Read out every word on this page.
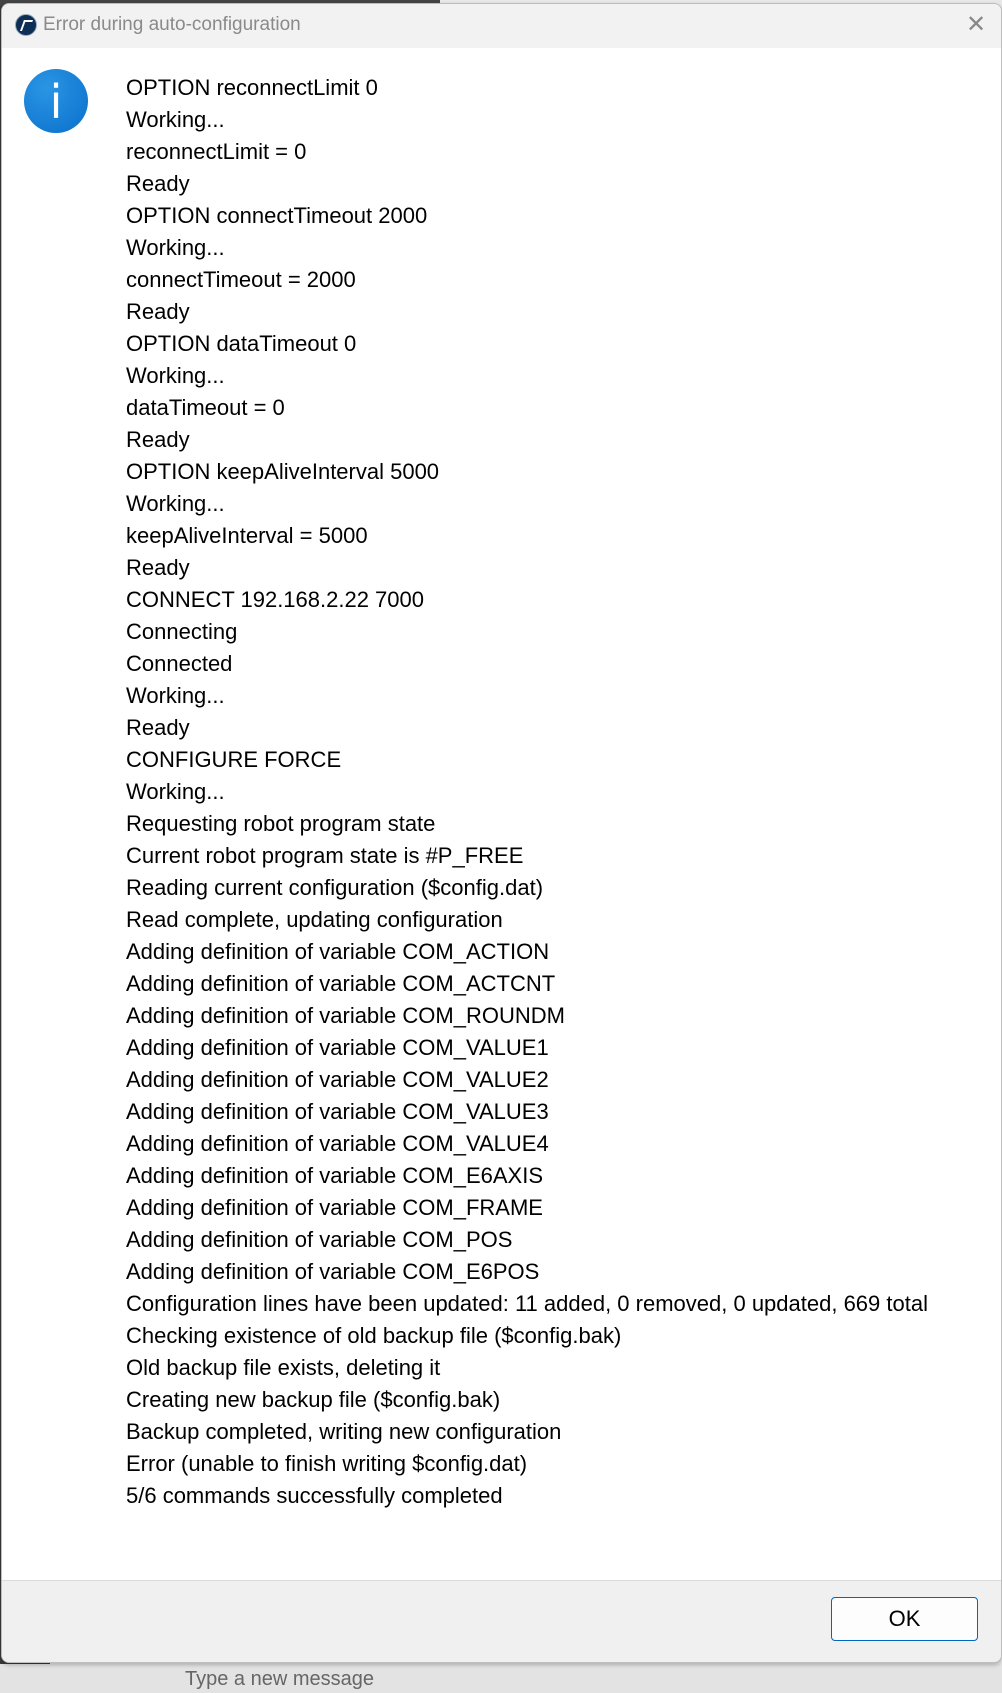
Error during auto-configuration	✕
i	OPTION reconnectLimit 0
Working...
reconnectLimit = 0
Ready
OPTION connectTimeout 2000
Working...
connectTimeout = 2000
Ready
OPTION dataTimeout 0
Working...
dataTimeout = 0
Ready
OPTION keepAliveInterval 5000
Working...
keepAliveInterval = 5000
Ready
CONNECT 192.168.2.22 7000
Connecting
Connected
Working...
Ready
CONFIGURE FORCE
Working...
Requesting robot program state
Current robot program state is #P_FREE
Reading current configuration ($config.dat)
Read complete, updating configuration
Adding definition of variable COM_ACTION
Adding definition of variable COM_ACTCNT
Adding definition of variable COM_ROUNDM
Adding definition of variable COM_VALUE1
Adding definition of variable COM_VALUE2
Adding definition of variable COM_VALUE3
Adding definition of variable COM_VALUE4
Adding definition of variable COM_E6AXIS
Adding definition of variable COM_FRAME
Adding definition of variable COM_POS
Adding definition of variable COM_E6POS
Configuration lines have been updated: 11 added, 0 removed, 0 updated, 669 total
Checking existence of old backup file ($config.bak)
Old backup file exists, deleting it
Creating new backup file ($config.bak)
Backup completed, writing new configuration
Error (unable to finish writing $config.dat)
5/6 commands successfully completed
OK
Type a new message
